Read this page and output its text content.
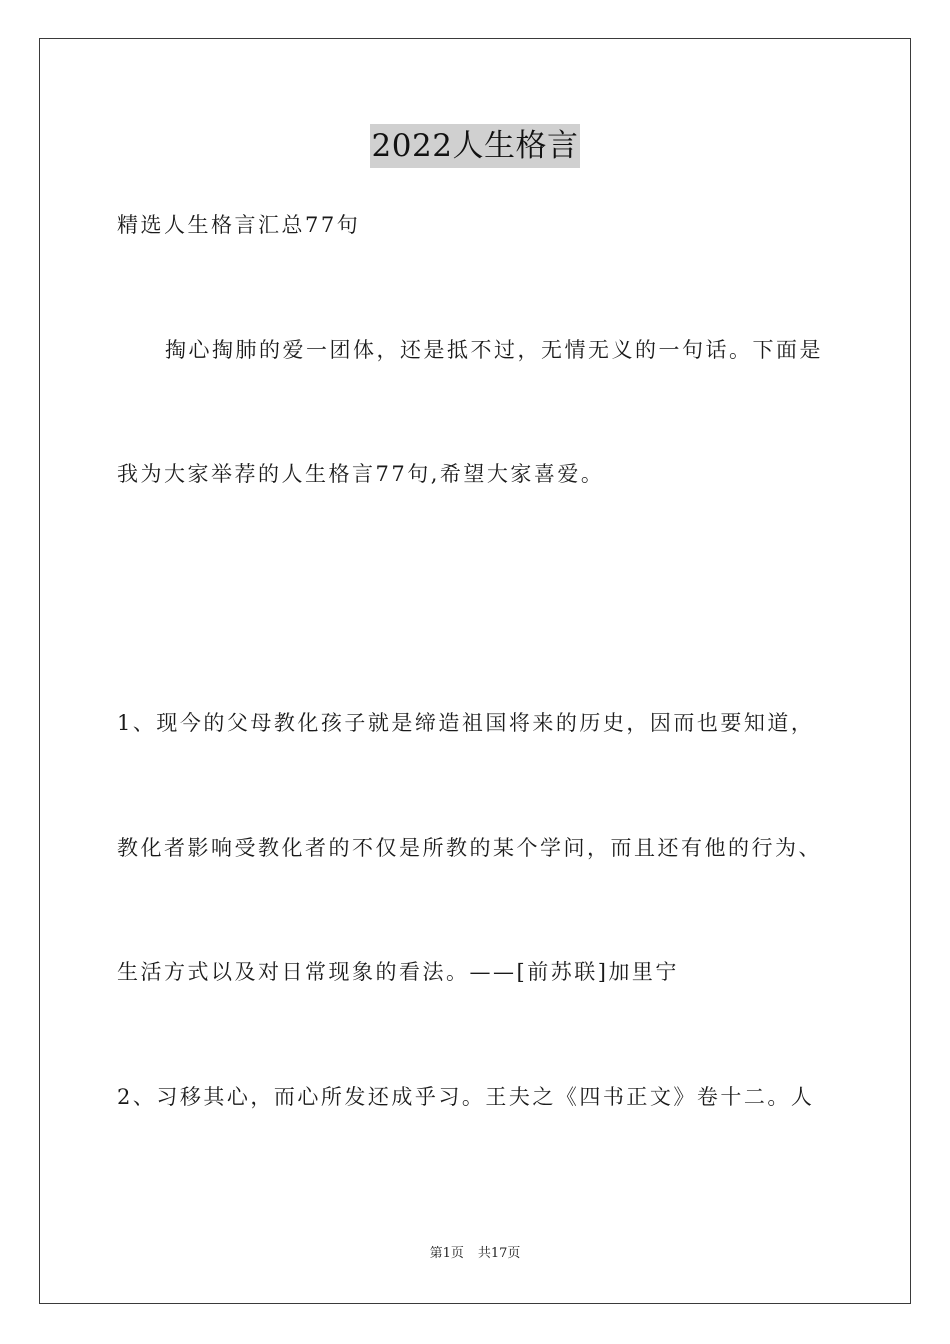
2022人生格言
精选人生格言汇总77句
掏心掏肺的爱一团体，还是抵不过，无情无义的一句话。下面是
我为大家举荐的人生格言77句,希望大家喜爱。
1、现今的父母教化孩子就是缔造祖国将来的历史，因而也要知道，
教化者影响受教化者的不仅是所教的某个学问，而且还有他的行为、
生活方式以及对日常现象的看法。——[前苏联]加里宁
2、习移其心，而心所发还成乎习。王夫之《四书正文》卷十二。人
第1页 共17页
